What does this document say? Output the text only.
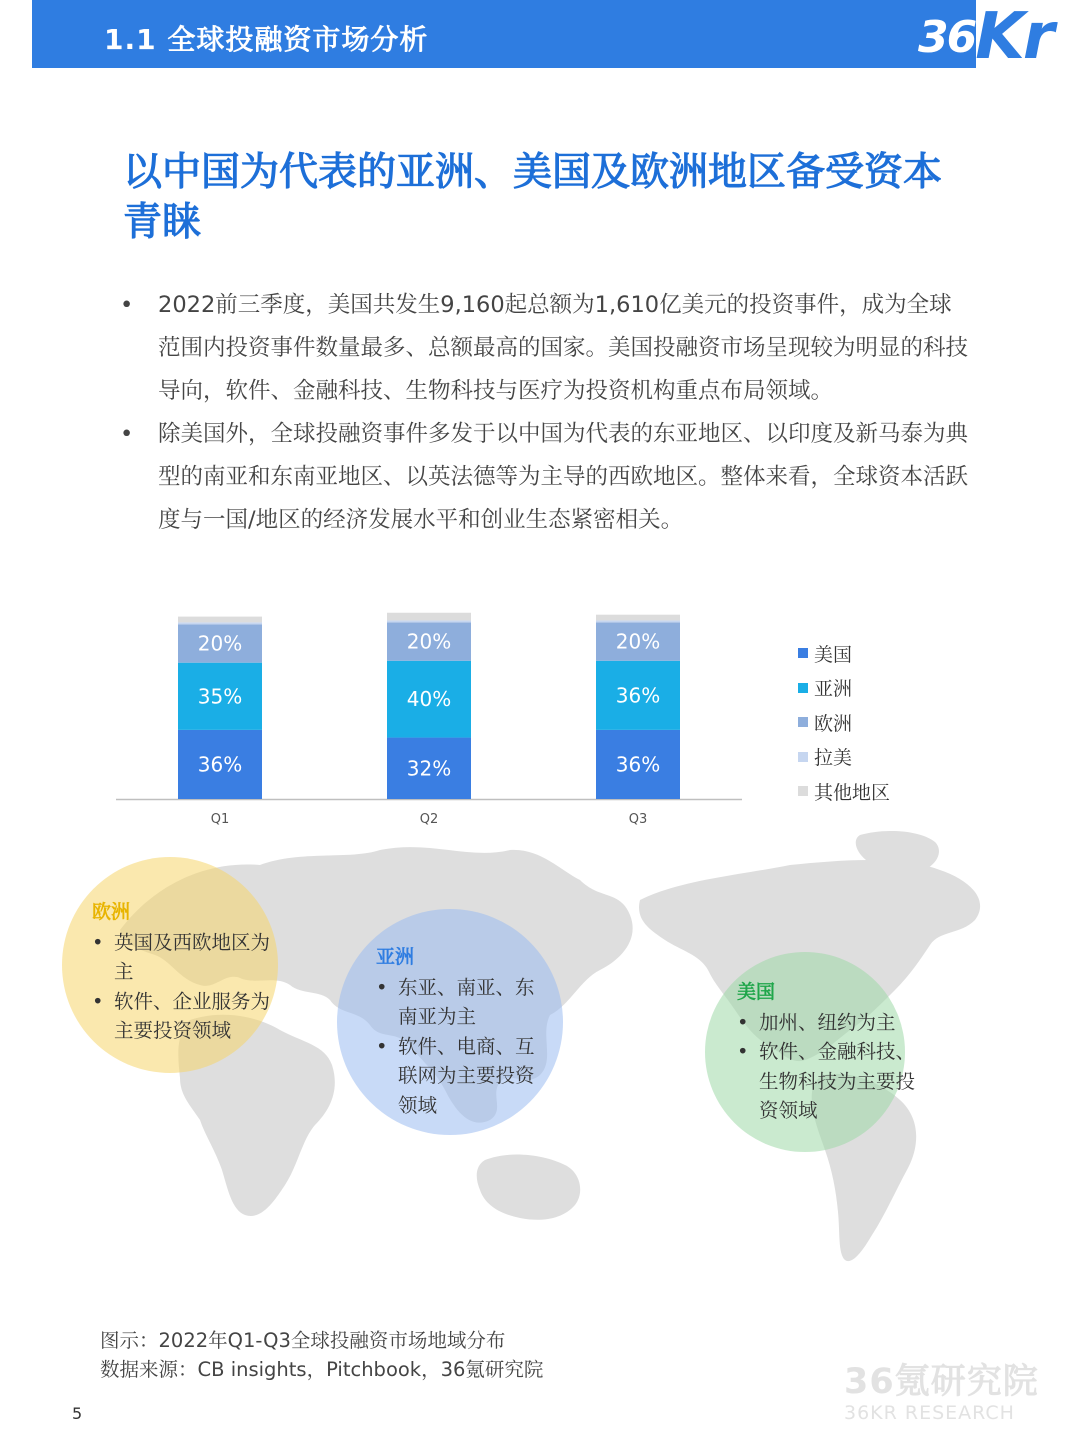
1.1 全球投融资市场分析	36Kr
以中国为代表的亚洲、美国及欧洲地区备受资本青睐
• 2022前三季度，美国共发生9,160起总额为1,610亿美元的投资事件，成为全球范围内投资事件数量最多、总额最高的国家。美国投融资市场呈现较为明显的科技导向，软件、金融科技、生物科技与医疗为投资机构重点布局领域。
• 除美国外，全球投融资事件多发于以中国为代表的东亚地区、以印度及新马泰为典型的南亚和东南亚地区、以英法德等为主导的西欧地区。整体来看，全球资本活跃度与一国/地区的经济发展水平和创业生态紧密相关。
36%
35%
20%
Q1
32%
40%
20%
Q2
36%
36%
20%
Q3
美国
亚洲
欧洲
拉美
其他地区
欧洲
• 英国及西欧地区为主
• 软件、企业服务为主要投资领域
亚洲
• 东亚、南亚、东南亚为主
• 软件、电商、互联网为主要投资领域
美国
• 加州、纽约为主
• 软件、金融科技、生物科技为主要投资领域
图示：2022年Q1-Q3全球投融资市场地域分布
数据来源：CB insights，Pitchbook，36氪研究院	36氪研究院
36KR RESEARCH
5
